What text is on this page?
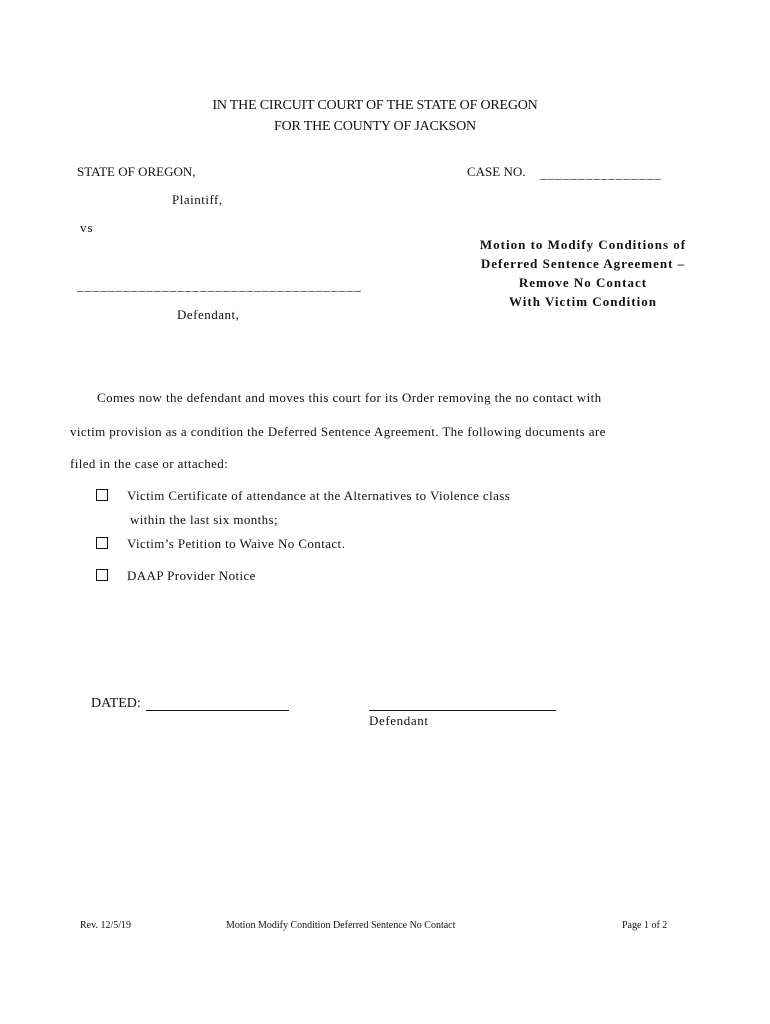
IN THE CIRCUIT COURT OF THE STATE OF OREGON
FOR THE COUNTY OF JACKSON
STATE OF OREGON,
Plaintiff,
vs
_____________________________________
Defendant,
CASE NO. ________________
Motion to Modify Conditions of
Deferred Sentence Agreement –
Remove No Contact
With Victim Condition
Comes now the defendant and moves this court for its Order removing the no contact with
victim provision as a condition the Deferred Sentence Agreement. The following documents are
filed in the case or attached:
Victim Certificate of attendance at the Alternatives to Violence class
within the last six months;
Victim’s Petition to Waive No Contact.
DAAP Provider Notice
DATED:
Defendant
Rev. 12/5/19	Motion Modify Condition Deferred Sentence No Contact	Page 1 of 2
